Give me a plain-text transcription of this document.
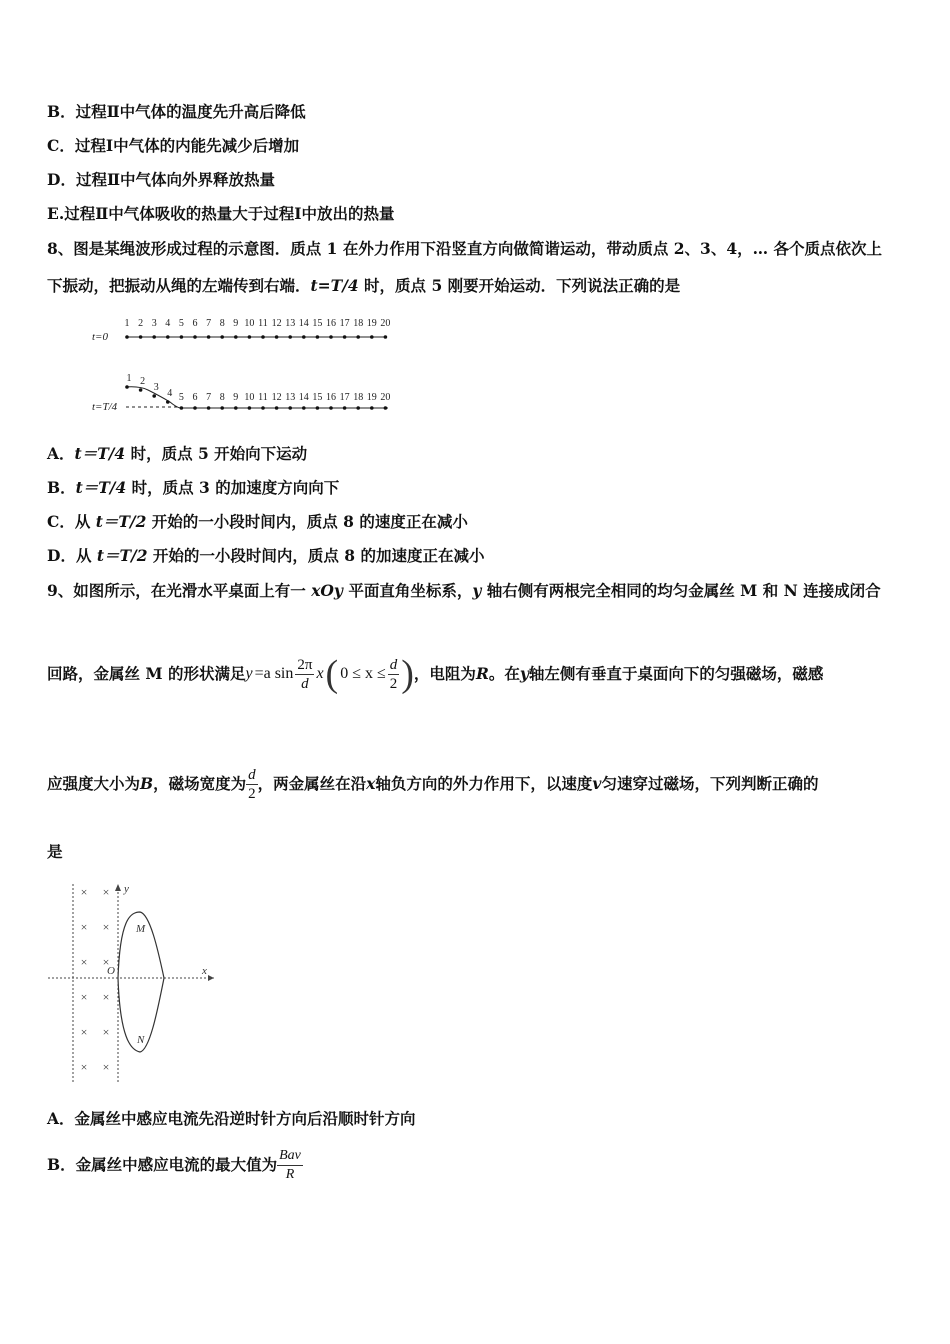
B．过程Ⅱ中气体的温度先升高后降低
C．过程Ⅰ中气体的内能先减少后增加
D．过程Ⅱ中气体向外界释放热量
E.过程Ⅱ中气体吸收的热量大于过程Ⅰ中放出的热量
8、图是某绳波形成过程的示意图．质点 1 在外力作用下沿竖直方向做简谐运动，带动质点 2、3、4，… 各个质点依次上
下振动，把振动从绳的左端传到右端．t=T/4 时，质点 5 刚要开始运动．下列说法正确的是
1 2 3 4 5 6 7 8 9 10 11 12 13 14 15 16 17 18 19 20
t=0
t=T/4
1 2
3
4 5 6 7 8 9 10 11 12 13 14 15 16 17 18 19 20
A．t＝T/4 时，质点 5 开始向下运动
B．t＝T/4 时，质点 3 的加速度方向向下
C．从 t＝T/2 开始的一小段时间内，质点 8 的速度正在减小
D．从 t＝T/2 开始的一小段时间内，质点 8 的加速度正在减小
9、如图所示，在光滑水平桌面上有一 xOy 平面直角坐标系，y 轴右侧有两根完全相同的均匀金属丝 M 和 N 连接成闭合
回路，金属丝 M 的形状满足 y =a $\sin \frac{2\pi}{d}$ x ( $0 \le x \le \frac{d}{2}$ ) ，电阻为 R 。在 y 轴左侧有垂直于桌面向下的匀强磁场，磁感
应强度大小为 B ，磁场宽度为 $\frac{d}{2}$ ，两金属丝在沿 x 轴负方向的外力作用下，以速度 v 匀速穿过磁场，下列判断正确的
是
y
x
O
M
N
× ×
× ×
× ×
× ×
× ×
× ×
A．金属丝中感应电流先沿逆时针方向后沿顺时针方向
B．金属丝中感应电流的最大值为 $\frac{\text{Bav}}{R}$
